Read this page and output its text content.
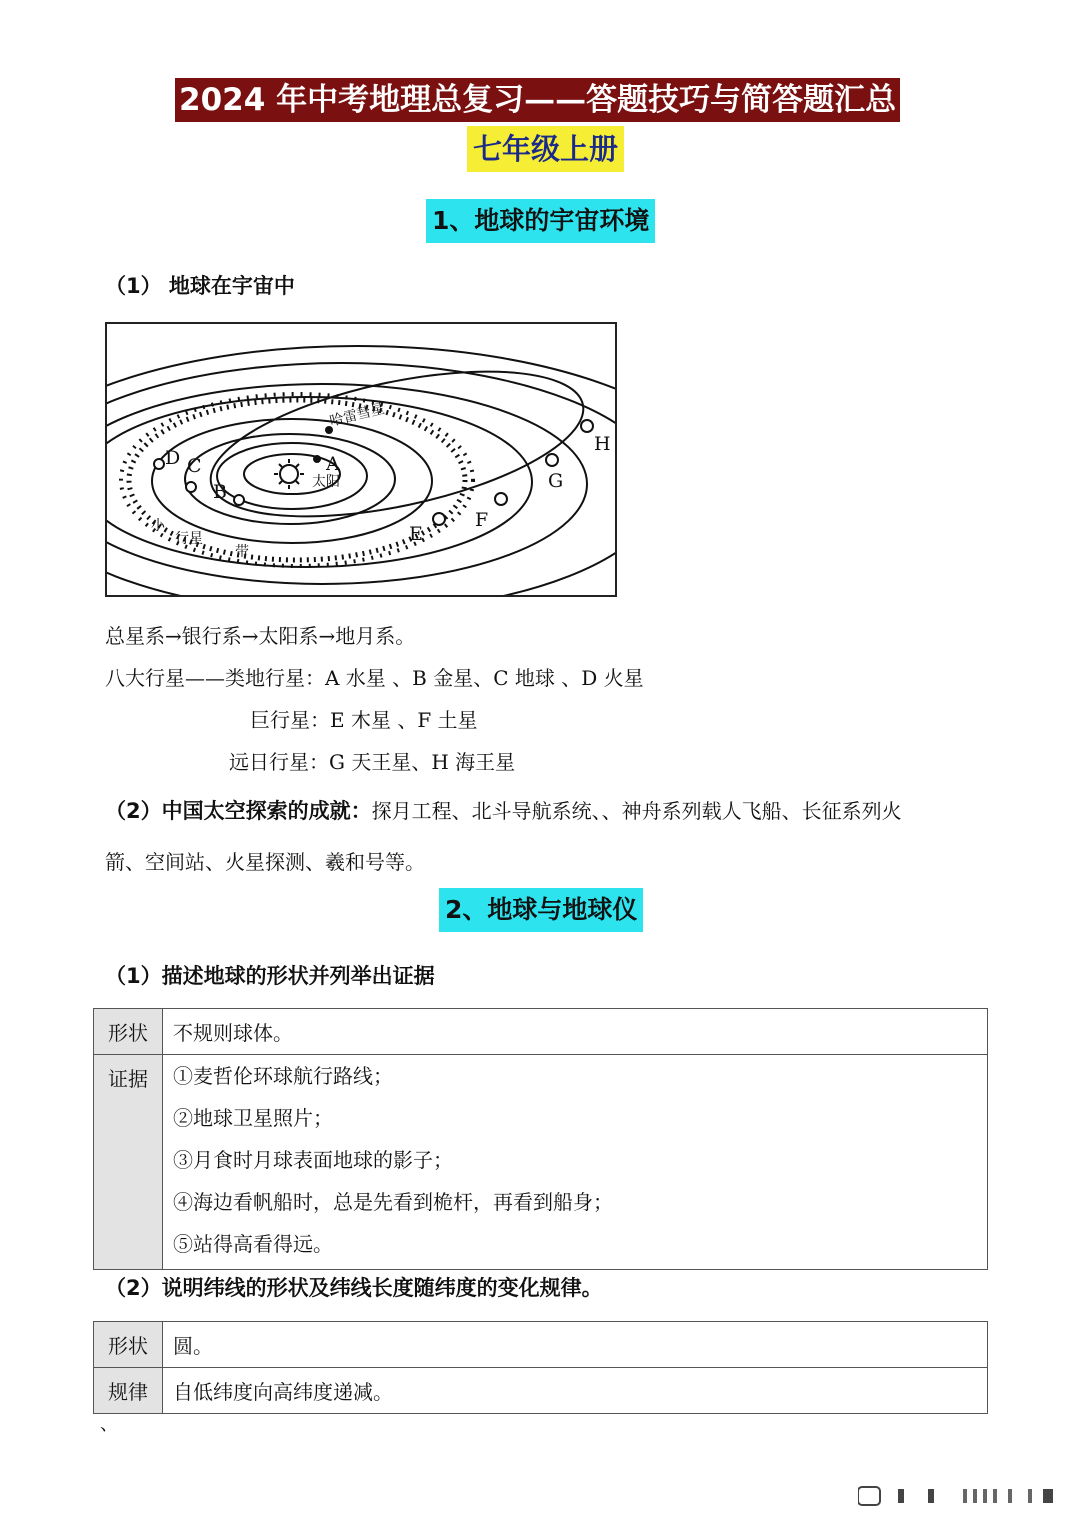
2024 年中考地理总复习——答题技巧与简答题汇总
七年级上册
1、地球的宇宙环境
（1） 地球在宇宙中
A
B
C
D
E
F
G
H
太阳
哈雷彗星
小
行星
带
总星系→银行系→太阳系→地月系。
八大行星——类地行星：A 水星 、B 金星、C 地球 、D 火星
巨行星：E 木星 、F 土星
远日行星：G 天王星、H 海王星
（2）中国太空探索的成就：探月工程、北斗导航系统、、神舟系列载人飞船、长征系列火
箭、空间站、火星探测、羲和号等。
2、地球与地球仪
（1）描述地球的形状并列举出证据
形状	不规则球体。
证据	①麦哲伦环球航行路线；
②地球卫星照片；
③月食时月球表面地球的影子；
④海边看帆船时，总是先看到桅杆，再看到船身；
⑤站得高看得远。
（2）说明纬线的形状及纬线长度随纬度的变化规律。
形状	圆。
规律	自低纬度向高纬度递减。
、
